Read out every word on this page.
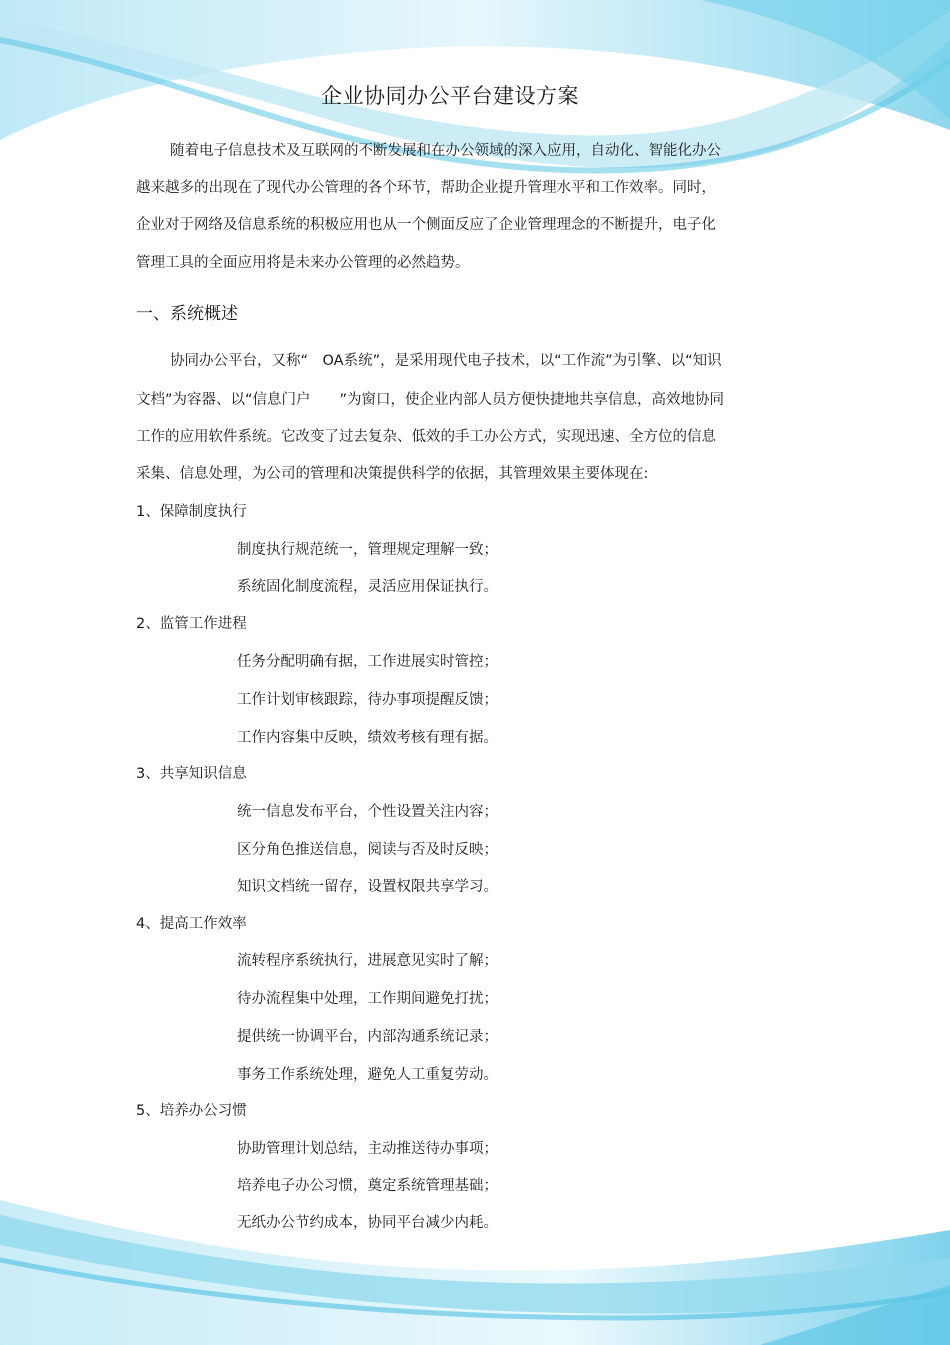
企业协同办公平台建设方案
随着电子信息技术及互联网的不断发展和在办公领域的深入应用，自动化、智能化办公
越来越多的出现在了现代办公管理的各个环节，帮助企业提升管理水平和工作效率。同时，
企业对于网络及信息系统的积极应用也从一个侧面反应了企业管理理念的不断提升，电子化
管理工具的全面应用将是未来办公管理的必然趋势。
一、系统概述
协同办公平台，又称“　OA系统”，是采用现代电子技术，以“工作流”为引擎、以“知识
文档”为容器、以“信息门户　　”为窗口，使企业内部人员方便快捷地共享信息，高效地协同
工作的应用软件系统。它改变了过去复杂、低效的手工办公方式，实现迅速、全方位的信息
采集、信息处理，为公司的管理和决策提供科学的依据，其管理效果主要体现在:
1、保障制度执行
制度执行规范统一，管理规定理解一致；
系统固化制度流程，灵活应用保证执行。
2、监管工作进程
任务分配明确有据，工作进展实时管控；
工作计划审核跟踪，待办事项提醒反馈；
工作内容集中反映，绩效考核有理有据。
3、共享知识信息
统一信息发布平台，个性设置关注内容；
区分角色推送信息，阅读与否及时反映；
知识文档统一留存，设置权限共享学习。
4、提高工作效率
流转程序系统执行，进展意见实时了解；
待办流程集中处理，工作期间避免打扰；
提供统一协调平台，内部沟通系统记录；
事务工作系统处理，避免人工重复劳动。
5、培养办公习惯
协助管理计划总结，主动推送待办事项；
培养电子办公习惯，奠定系统管理基础；
无纸办公节约成本，协同平台减少内耗。
